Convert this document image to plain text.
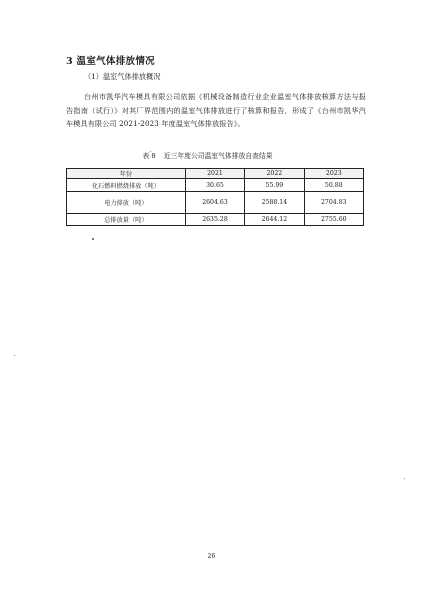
3 温室气体排放情况
（1）温室气体排放概况
台州市凯华汽车模具有限公司依据《机械设备制造行业企业温室气体排放核算方法与报告指南（试行）》对其厂界范围内的温室气体排放进行了核算和报告，形成了《台州市凯华汽车模具有限公司 2021-2023 年度温室气体排放报告》。
表 8 近三年度公司温室气体排放自查结果
年份	2021	2022	2023
化石燃料燃烧排放（吨）	30.65	55.99	50.88
电力排放（吨）	2604.63	2588.14	2704.83
总排放量（吨）	2635.28	2644.12	2755.60
26
